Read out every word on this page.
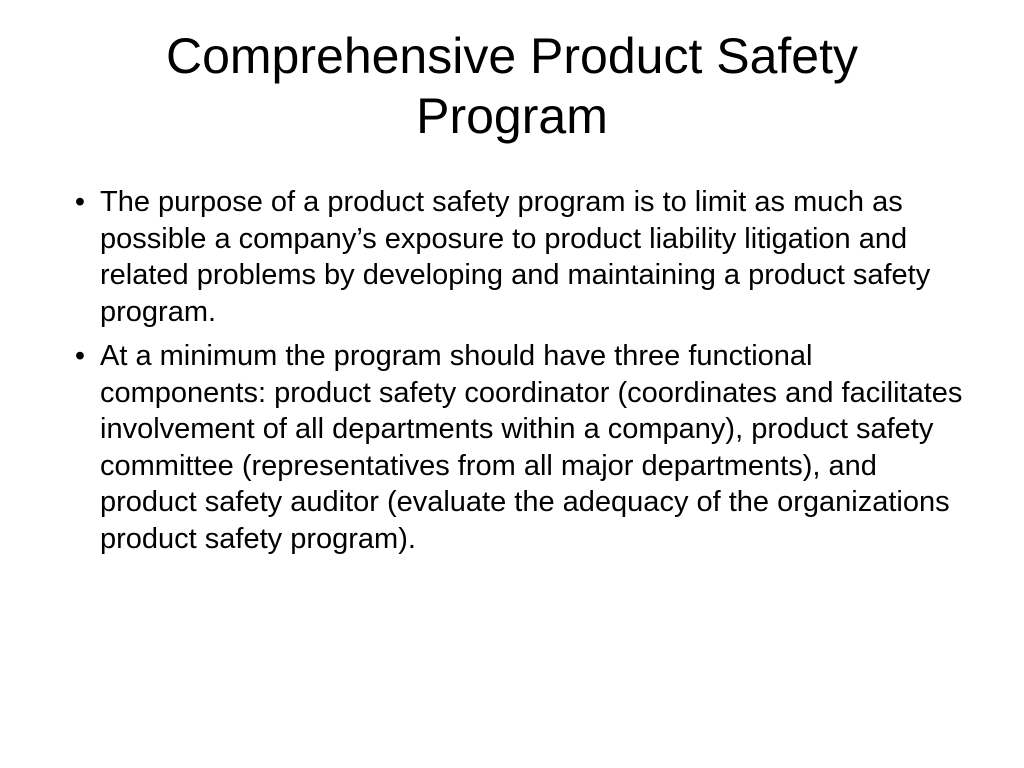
Comprehensive Product Safety
Program
• The purpose of a product safety program is to limit as much as possible a company’s exposure to product liability litigation and related problems by developing and maintaining a product safety program.
• At a minimum the program should have three functional components: product safety coordinator (coordinates and facilitates involvement of all departments within a company), product safety committee (representatives from all major departments), and product safety auditor (evaluate the adequacy of the organizations product safety program).
